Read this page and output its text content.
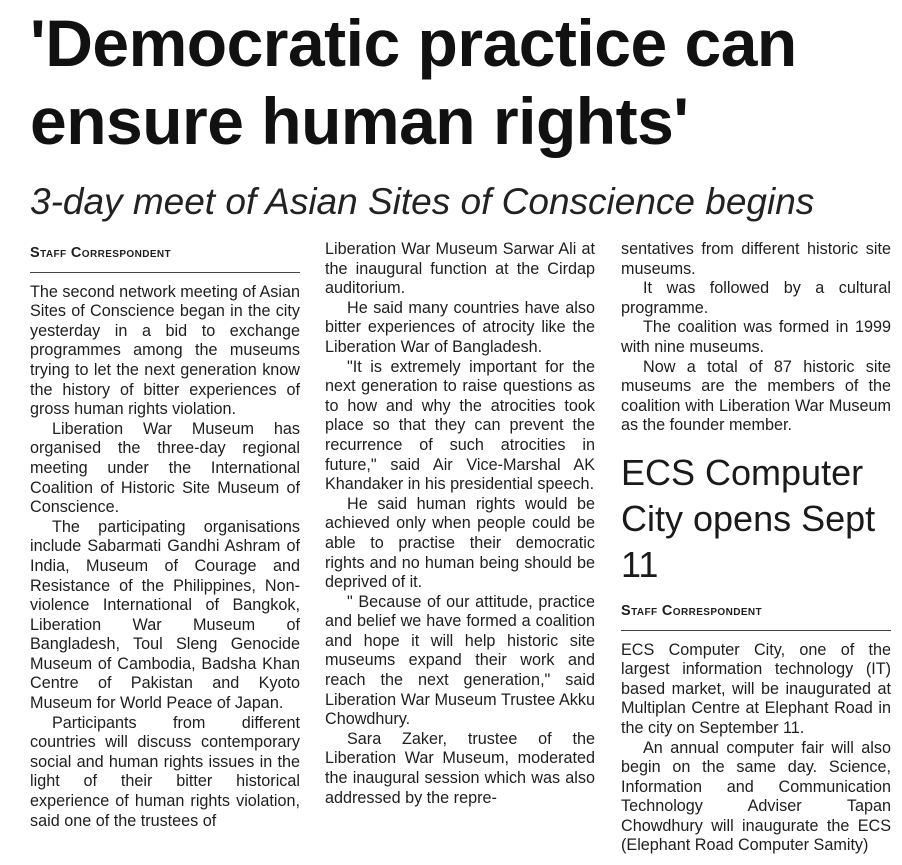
'Democratic practice can ensure human rights'
3-day meet of Asian Sites of Conscience begins
Staff Correspondent

The second network meeting of Asian Sites of Conscience began in the city yesterday in a bid to exchange programmes among the museums trying to let the next generation know the history of bitter experiences of gross human rights violation.

Liberation War Museum has organised the three-day regional meeting under the International Coalition of Historic Site Museum of Conscience.

The participating organisations include Sabarmati Gandhi Ashram of India, Museum of Courage and Resistance of the Philippines, Non-violence International of Bangkok, Liberation War Museum of Bangladesh, Toul Sleng Genocide Museum of Cambodia, Badsha Khan Centre of Pakistan and Kyoto Museum for World Peace of Japan.

Participants from different countries will discuss contemporary social and human rights issues in the light of their bitter historical experience of human rights violation, said one of the trustees of

Liberation War Museum Sarwar Ali at the inaugural function at the Cirdap auditorium.

He said many countries have also bitter experiences of atrocity like the Liberation War of Bangladesh.

"It is extremely important for the next generation to raise questions as to how and why the atrocities took place so that they can prevent the recurrence of such atrocities in future," said Air Vice-Marshal AK Khandaker in his presidential speech.

He said human rights would be achieved only when people could be able to practise their democratic rights and no human being should be deprived of it.

" Because of our attitude, practice and belief we have formed a coalition and hope it will help historic site museums expand their work and reach the next generation," said Liberation War Museum Trustee Akku Chowdhury.

Sara Zaker, trustee of the Liberation War Museum, moderated the inaugural session which was also addressed by the repre-

sentatives from different historic site museums.

It was followed by a cultural programme.

The coalition was formed in 1999 with nine museums.

Now a total of 87 historic site museums are the members of the coalition with Liberation War Museum as the founder member.

ECS Computer City opens Sept 11
Staff Correspondent

ECS Computer City, one of the largest information technology (IT) based market, will be inaugurated at Multiplan Centre at Elephant Road in the city on September 11.

An annual computer fair will also begin on the same day. Science, Information and Communication Technology Adviser Tapan Chowdhury will inaugurate the ECS (Elephant Road Computer Samity)
